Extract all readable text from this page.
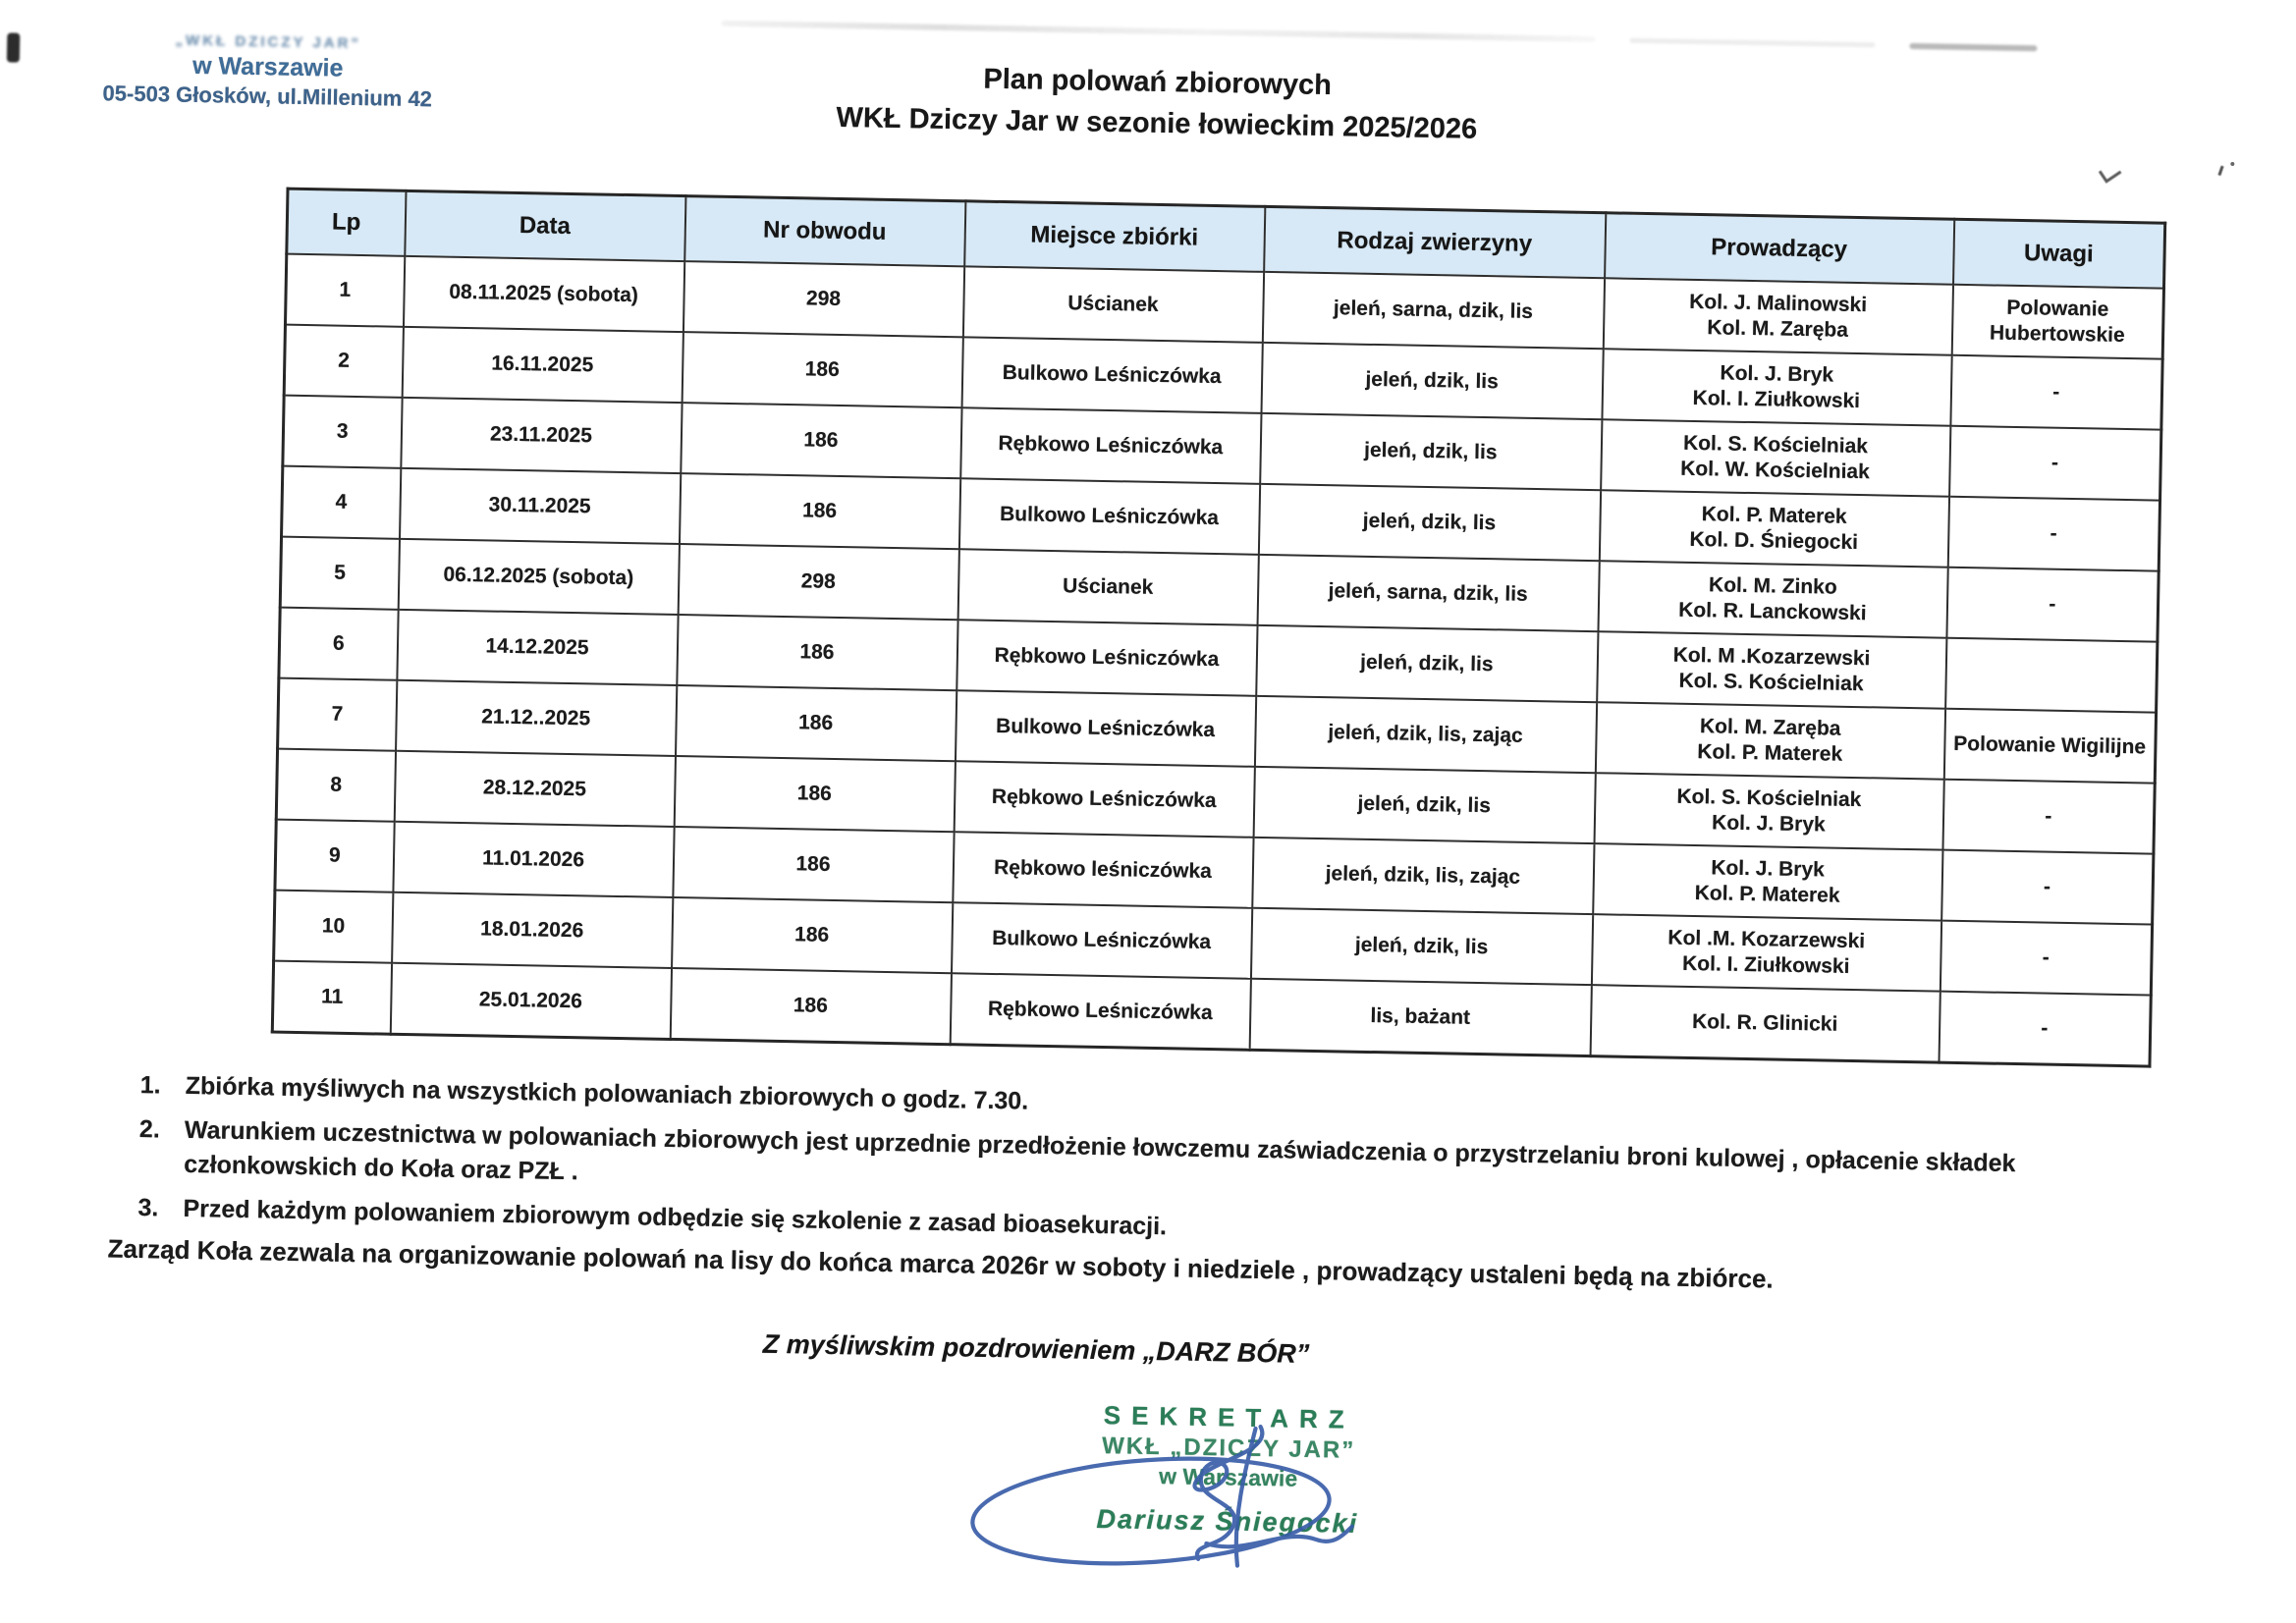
„WKŁ DZICZY JAR”
w Warszawie
05-503 Głosków, ul.Millenium 42	Plan polowań zbiorowych
WKŁ Dziczy Jar w sezonie łowieckim 2025/2026
Lp	Data	Nr obwodu	Miejsce zbiórki	Rodzaj zwierzyny	Prowadzący	Uwagi
1	08.11.2025 (sobota)	298	Uścianek	jeleń, sarna, dzik, lis	Kol. J. Malinowski
Kol. M. Zaręba	Polowanie Hubertowskie
2	16.11.2025	186	Bulkowo Leśniczówka	jeleń, dzik, lis	Kol. J. Bryk
Kol. I. Ziułkowski	-
3	23.11.2025	186	Rębkowo Leśniczówka	jeleń, dzik, lis	Kol. S. Kościelniak
Kol. W. Kościelniak	-
4	30.11.2025	186	Bulkowo Leśniczówka	jeleń, dzik, lis	Kol. P. Materek
Kol. D. Śniegocki	-
5	06.12.2025 (sobota)	298	Uścianek	jeleń, sarna, dzik, lis	Kol. M. Zinko
Kol. R. Lanckowski	-
6	14.12.2025	186	Rębkowo Leśniczówka	jeleń, dzik, lis	Kol. M .Kozarzewski
Kol. S. Kościelniak	

7	21.12..2025	186	Bulkowo Leśniczówka	jeleń, dzik, lis, zając	Kol. M. Zaręba
Kol. P. Materek	Polowanie Wigilijne
8	28.12.2025	186	Rębkowo Leśniczówka	jeleń, dzik, lis	Kol. S. Kościelniak
Kol. J. Bryk	-
9	11.01.2026	186	Rębkowo leśniczówka	jeleń, dzik, lis, zając	Kol. J. Bryk
Kol. P. Materek	-
10	18.01.2026	186	Bulkowo Leśniczówka	jeleń, dzik, lis	Kol .M. Kozarzewski
Kol. I. Ziułkowski	-
11	25.01.2026	186	Rębkowo Leśniczówka	lis, bażant	Kol. R. Glinicki	-
1. Zbiórka myśliwych na wszystkich polowaniach zbiorowych o godz. 7.30.
2. Warunkiem uczestnictwa w polowaniach zbiorowych jest uprzednie przedłożenie łowczemu zaświadczenia o przystrzelaniu broni kulowej , opłacenie składek członkowskich do Koła oraz PZŁ .
3. Przed każdym polowaniem zbiorowym odbędzie się szkolenie z zasad bioasekuracji.
Zarząd Koła zezwala na organizowanie polowań na lisy do końca marca 2026r w soboty i niedziele , prowadzący ustaleni będą na zbiórce.
Z myśliwskim pozdrowieniem „DARZ BÓR”
SEKRETARZ
WKŁ „DZICZY JAR”
w Warszawie
Dariusz Śniegocki
